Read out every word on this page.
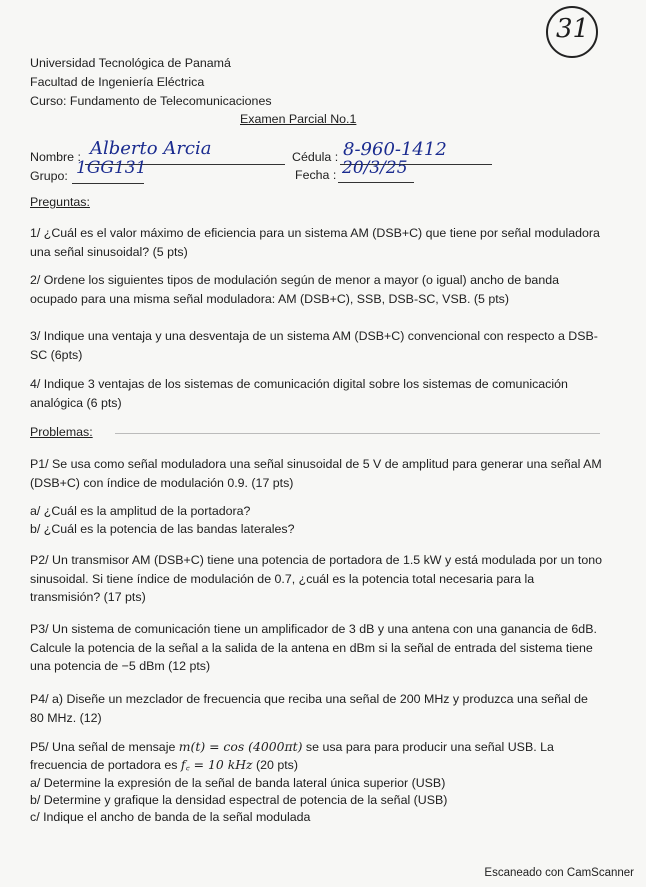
31
Universidad Tecnológica de Panamá
Facultad de Ingeniería Eléctrica
Curso: Fundamento de Telecomunicaciones
Examen Parcial No.1
Nombre : Alberto Arcia	Cédula : 8-960-1412
Grupo: 1GG131	Fecha : 20/3/25
Preguntas:
1/ ¿Cuál es el valor máximo de eficiencia para un sistema AM (DSB+C) que tiene por señal moduladora una señal sinusoidal? (5 pts)
2/ Ordene los siguientes tipos de modulación según de menor a mayor (o igual) ancho de banda ocupado para una misma señal moduladora: AM (DSB+C), SSB, DSB-SC, VSB. (5 pts)
3/ Indique una ventaja y una desventaja de un sistema AM (DSB+C) convencional con respecto a DSB-SC (6pts)
4/ Indique 3 ventajas de los sistemas de comunicación digital sobre los sistemas de comunicación analógica (6 pts)
Problemas:
P1/ Se usa como señal moduladora una señal sinusoidal de 5 V de amplitud para generar una señal AM (DSB+C) con índice de modulación 0.9. (17 pts)
a/ ¿Cuál es la amplitud de la portadora?
b/ ¿Cuál es la potencia de las bandas laterales?
P2/ Un transmisor AM (DSB+C) tiene una potencia de portadora de 1.5 kW y está modulada por un tono sinusoidal. Si tiene índice de modulación de 0.7, ¿cuál es la potencia total necesaria para la transmisión? (17 pts)
P3/ Un sistema de comunicación tiene un amplificador de 3 dB y una antena con una ganancia de 6dB. Calcule la potencia de la señal a la salida de la antena en dBm si la señal de entrada del sistema tiene una potencia de −5 dBm (12 pts)
P4/ a) Diseñe un mezclador de frecuencia que reciba una señal de 200 MHz y produzca una señal de 80 MHz. (12)
P5/ Una señal de mensaje m(t) = cos (4000πt) se usa para para producir una señal USB. La
frecuencia de portadora es f꜀ = 10 kHz (20 pts)
a/ Determine la expresión de la señal de banda lateral única superior (USB)
b/ Determine y grafique la densidad espectral de potencia de la señal (USB)
c/ Indique el ancho de banda de la señal modulada
Escaneado con CamScanner
